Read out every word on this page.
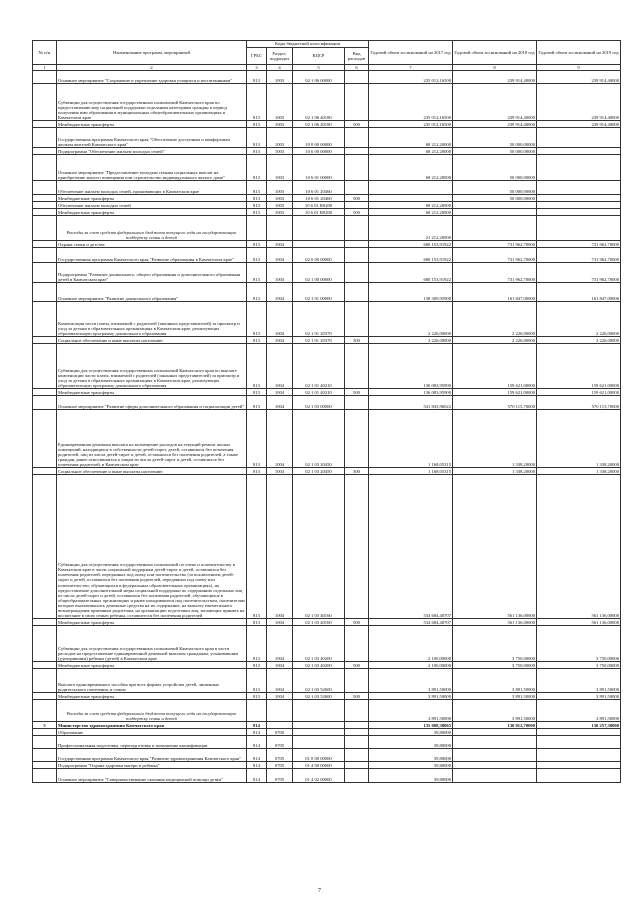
№ п/н	Наименование программ, мероприятий	Коды бюджетной классификации				Годовой объем ассигнований на 2017 год	Годовой объем ассигнований на 2018 год	Годовой объем ассигнований на 2019 год
		ГРБС	Раздел, подраздел	КЦСР	Вид расходов			
1	2	3	4	5	6	7	8	9
	Основное мероприятие "Сохранение и укрепление здоровья учащихся и воспитанников"	813	1003	02 1 06 00000		235 012,16500	239 914,40000	239 914,40000
	Субвенции для осуществления государственных полномочий Камчатского края по предоставлению мер социальной поддержки отдельным категориям граждан в период получения ими образования в муниципальных общеобразовательных организациях в Камчатском крае	813	1003	02 1 06 40180		235 012,16500	239 914,40000	239 914,40000
	Межбюджетные трансферты	813	1003	02 1 06 40180	500	235 012,16500	239 914,40000	239 914,40000
	Государственная программа Камчатского края "Обеспечение доступным и комфортным жильем жителей Камчатского края"	813	1003	10 0 00 00000		68 212,20000	50 000,00000	
	Подпрограмма "Обеспечение жильем молодых семей"	813	1003	10 6 00 00000		68 212,20000	50 000,00000	
	Основное мероприятие "Предоставление молодым семьям социальных выплат на приобретение жилого помещения или строительство индивидуального жилого дома"	813	1003	10 6 01 00000		68 212,20000	50 000,00000	
	Обеспечение жильем молодых семей, проживающих в Камчатском крае	813	1003	10 6 01 20460			50 000,00000	
	Межбюджетные трансферты	813	1003	10 6 01 20460	500		50 000,00000	
	Обеспечение жильем молодых семей	813	1003	10 6 01 R0200		68 212,20000		
	Межбюджетные трансферты	813	1003	10 6 01 R0200	500	68 212,20000		
	Расходы за счет средств федерального бюджета текущего года на государственную поддержку семьи и детей					21 212,20000		
	Охрана семьи и детства	813	1004			680 153,91922	731 962,70000	731 962,70000
	Государственная программа Камчатского края "Развитие образования в Камчатском крае"	813	1004	02 0 00 00000		680 153,91922	731 962,70000	731 962,70000
	Подпрограмма "Развитие дошкольного, общего образования и дополнительного образования детей в Камчатском крае"	813	1004	02 1 00 00000		680 153,91922	731 962,70000	731 962,70000
	Основное мероприятие "Развитие дошкольного образования"	813	1004	02 1 01 00000		138 309,95900	161 847,00000	161 847,00000
	Компенсация части платы, взимаемой с родителей (законных представителей) за присмотр и уход за детьми в образовательных организациях в Камчатском крае, реализующих образовательную программу дошкольного образования	813	1004	02 1 01 20370		2 226,00000	2 226,00000	2 226,00000
	Социальное обеспечение и иные выплаты населению	813	1004	02 1 01 20370	300	2 226,00000	2 226,00000	2 226,00000
	Субвенции для осуществления государственных полномочий Камчатского края по выплате компенсации части платы, взимаемой с родителей (законных представителей) за присмотр и уход за детьми в образовательных организациях в Камчатском крае, реализующих образовательную программу дошкольного образования	813	1004	02 1 01 40210		136 083,95900	159 621,00000	159 621,00000
	Межбюджетные трансферты	813	1004	02 1 01 40210	500	136 083,95900	159 621,00000	159 621,00000
	Основное мероприятие "Развитие сферы дополнительного образования и социализации детей"	813	1004	02 1 03 00000		541 843,96022	570 115,70000	570 115,70000
	Единовременная денежная выплата на возмещение расходов на текущий ремонт жилых помещений, находящихся в собственности детей-сирот, детей, оставшихся без попечения родителей, лиц из числа детей-сирот и детей, оставшихся без попечения родителей, а также граждан, ранее относившихся к лицам из числа детей-сирот и детей, оставшихся без попечения родителей, в Камчатском крае	813	1004	02 1 03 20450		1 168,05315	1 338,20000	1 338,20000
	Социальное обеспечение и иные выплаты населению	813	1004	02 1 03 20450	300	1 168,05315	1 338,20000	1 338,20000
	Субвенции для осуществления государственных полномочий по опеке и попечительству в Камчатском крае в части социальной поддержки детей-сирот и детей, оставшихся без попечения родителей, переданных под опеку или попечительство (за исключением детей-сирот и детей, оставшихся без попечения родителей, переданных под опеку или попечительство, обучающихся в федеральных образовательных организациях), на предоставление дополнительной меры социальной поддержки по содержанию отдельных лиц из числа детей-сирот и детей, оставшихся без попечения родителей, обучающихся в общеобразовательных организациях и ранее находившихся под попечительством, попечителям которых выплачивались денежные средства на их содержание, на выплату ежемесячного вознаграждения приемным родителям, на организацию подготовки лиц, желающих принять на воспитание в свою семью ребенка, оставшегося без попечения родителей	813	1004	02 1 03 40160		534 684,40707	561 136,00000	561 136,00000
	Межбюджетные трансферты	813	1004	02 1 03 40160	500	534 684,40707	561 136,00000	561 136,00000
	Субвенции для осуществления государственных полномочий Камчатского края в части расходов на предоставление единовременной денежной выплаты гражданам, усыновившим (удочерившим) ребенка (детей) в Камчатском крае	813	1004	02 1 03 40200		2 100,00000	3 750,00000	3 750,00000
	Межбюджетные трансферты	813	1004	02 1 03 40200	500	2 100,00000	3 750,00000	3 750,00000
	Выплата единовременного пособия при всех формах устройства детей, лишенных родительского попечения, в семью	813	1004	02 1 03 52600		3 891,50000	3 891,50000	3 891,50000
	Межбюджетные трансферты	813	1004	02 1 03 52600	500	3 891,50000	3 891,50000	3 891,50000
	Расходы за счет средств федерального бюджета текущего года на государственную поддержку семьи и детей					3 891,50000	3 891,50000	3 891,50000
5	Министерство здравоохранения Камчатского края	814				135 008,38065	130 012,70000	130 257,30000
	Образование	814	0700			39,80000		
	Профессиональная подготовка, переподготовка и повышение квалификации	814	0705			39,80000		
	Государственная программа Камчатского края "Развитие здравоохранения Камчатского края"	814	0705	01 0 00 00000		39,80000		
	Подпрограмма "Охрана здоровья матери и ребенка"	814	0705	01 4 00 00000		39,80000		
	Основное мероприятие "Совершенствование оказания медицинской помощи детям"	814	0705	01 4 02 00000		39,80000		
7
